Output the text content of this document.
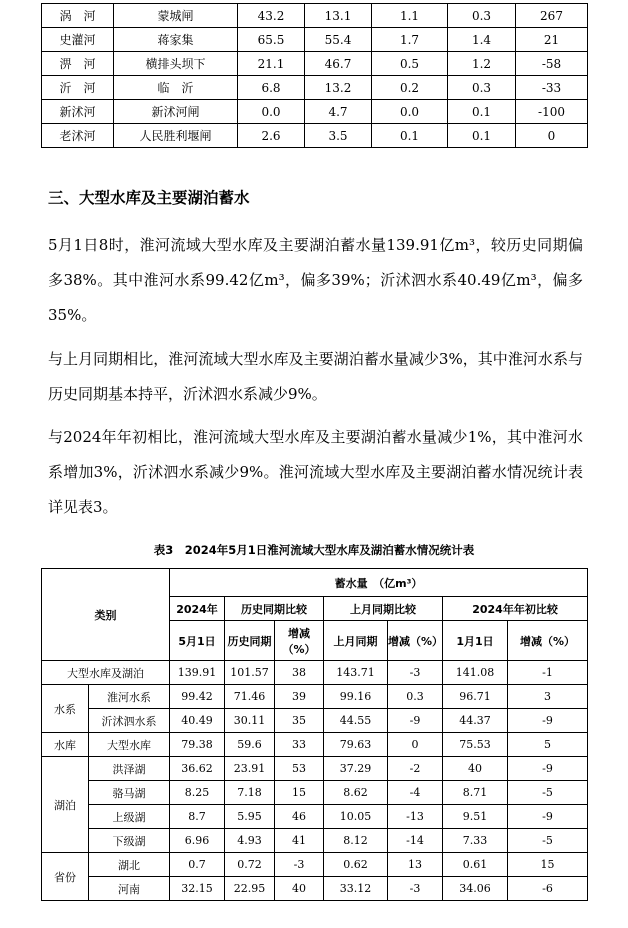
涡　河	蒙城闸	43.2	13.1	1.1	0.3	267
史灌河	蒋家集	65.5	55.4	1.7	1.4	21
淠　河	横排头坝下	21.1	46.7	0.5	1.2	-58
沂　河	临　沂	6.8	13.2	0.2	0.3	-33
新沭河	新沭河闸	0.0	4.7	0.0	0.1	-100
老沭河	人民胜利堰闸	2.6	3.5	0.1	0.1	0
三、大型水库及主要湖泊蓄水

5月1日8时，淮河流域大型水库及主要湖泊蓄水量139.91亿m³，较历史同期偏多38%。其中淮河水系99.42亿m³，偏多39%；沂沭泗水系40.49亿m³，偏多35%。

与上月同期相比，淮河流域大型水库及主要湖泊蓄水量减少3%，其中淮河水系与历史同期基本持平，沂沭泗水系减少9%。

与2024年年初相比，淮河流域大型水库及主要湖泊蓄水量减少1%，其中淮河水系增加3%，沂沭泗水系减少9%。淮河流域大型水库及主要湖泊蓄水情况统计表详见表3。

表3　2024年5月1日淮河流域大型水库及湖泊蓄水情况统计表

类别		蓄水量　（亿m³）						
		2024年	历史同期比较		上月同期比较		2024年年初比较	
		5月1日	历史同期	增减（%）	上月同期	增减（%）	1月1日	增减（%）
大型水库及湖泊		139.91	101.57	38	143.71	-3	141.08	-1
水系	淮河水系	99.42	71.46	39	99.16	0.3	96.71	3
	沂沭泗水系	40.49	30.11	35	44.55	-9	44.37	-9
水库	大型水库	79.38	59.6	33	79.63	0	75.53	5
湖泊	洪泽湖	36.62	23.91	53	37.29	-2	40	-9
	骆马湖	8.25	7.18	15	8.62	-4	8.71	-5
	上级湖	8.7	5.95	46	10.05	-13	9.51	-9
	下级湖	6.96	4.93	41	8.12	-14	7.33	-5
省份	湖北	0.7	0.72	-3	0.62	13	0.61	15
	河南	32.15	22.95	40	33.12	-3	34.06	-6
